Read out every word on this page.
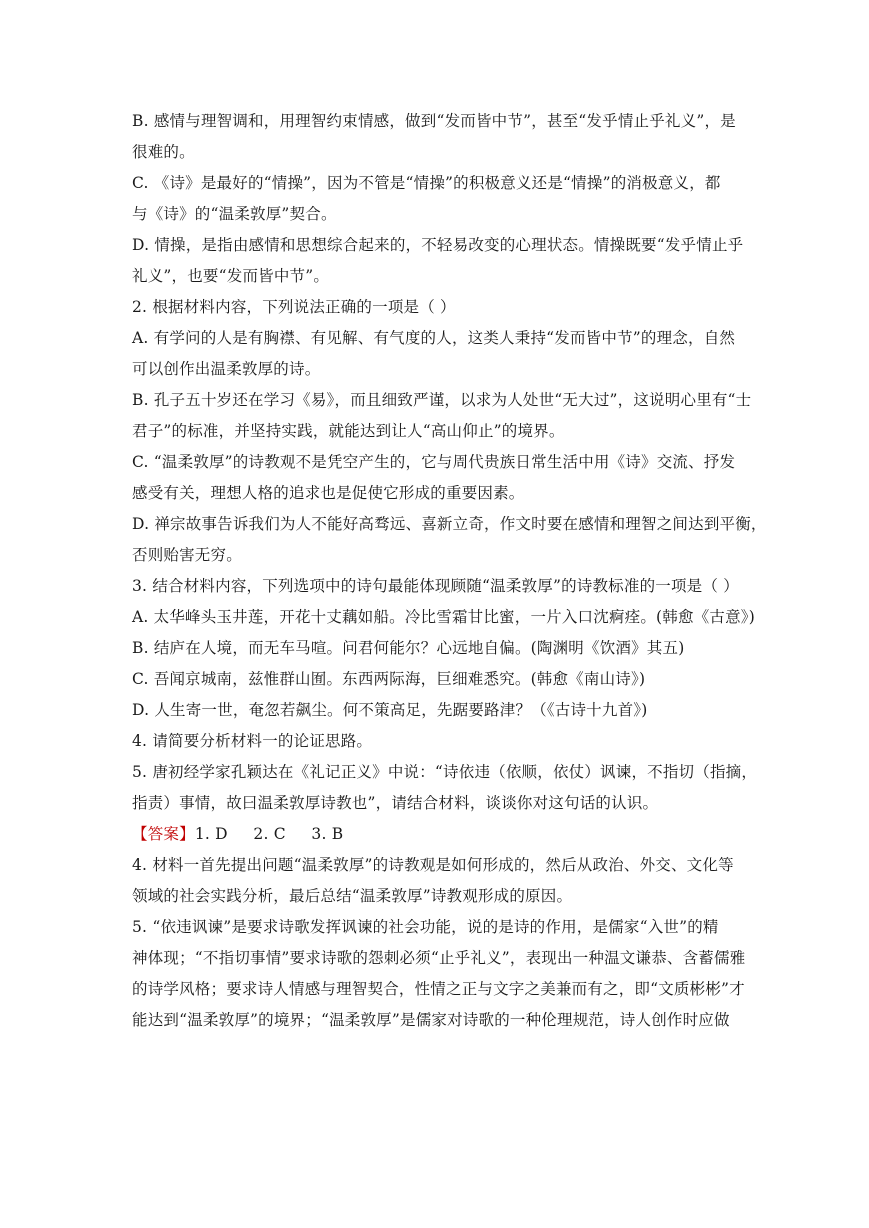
B. 感情与理智调和，用理智约束情感，做到“发而皆中节”，甚至“发乎情止乎礼义”，是
很难的。
C. 《诗》是最好的“情操”，因为不管是“情操”的积极意义还是“情操”的消极意义，都
与《诗》的“温柔敦厚”契合。
D. 情操，是指由感情和思想综合起来的，不轻易改变的心理状态。情操既要“发乎情止乎
礼义”，也要“发而皆中节”。
2. 根据材料内容，下列说法正确的一项是（ ）
A. 有学问的人是有胸襟、有见解、有气度的人，这类人秉持“发而皆中节”的理念，自然
可以创作出温柔敦厚的诗。
B. 孔子五十岁还在学习《易》，而且细致严谨，以求为人处世“无大过”，这说明心里有“士
君子”的标准，并坚持实践，就能达到让人“高山仰止”的境界。
C. “温柔敦厚”的诗教观不是凭空产生的，它与周代贵族日常生活中用《诗》交流、抒发
感受有关，理想人格的追求也是促使它形成的重要因素。
D. 禅宗故事告诉我们为人不能好高骛远、喜新立奇，作文时要在感情和理智之间达到平衡，
否则贻害无穷。
3. 结合材料内容，下列选项中的诗句最能体现顾随“温柔敦厚”的诗教标准的一项是（ ）
A. 太华峰头玉井莲，开花十丈藕如船。冷比雪霜甘比蜜，一片入口沈痾痊。(韩愈《古意》)
B. 结庐在人境，而无车马喧。问君何能尔？心远地自偏。(陶渊明《饮酒》其五)
C. 吾闻京城南，兹惟群山囿。东西两际海，巨细难悉究。(韩愈《南山诗》)
D. 人生寄一世，奄忽若飙尘。何不策高足，先踞要路津？（《古诗十九首》)
4. 请简要分析材料一的论证思路。
5. 唐初经学家孔颖达在《礼记正义》中说：“诗依违（依顺，依仗）讽谏，不指切（指摘，
指责）事情，故曰温柔敦厚诗教也”，请结合材料，谈谈你对这句话的认识。
【答案】1. D     2. C     3. B
4. 材料一首先提出问题“温柔敦厚”的诗教观是如何形成的，然后从政治、外交、文化等
领域的社会实践分析，最后总结“温柔敦厚”诗教观形成的原因。
5. “依违讽谏”是要求诗歌发挥讽谏的社会功能，说的是诗的作用，是儒家“入世”的精
神体现；“不指切事情”要求诗歌的怨刺必须“止乎礼义”，表现出一种温文谦恭、含蓄儒雅
的诗学风格；要求诗人情感与理智契合，性情之正与文字之美兼而有之，即“文质彬彬”才
能达到“温柔敦厚”的境界；“温柔敦厚”是儒家对诗歌的一种伦理规范，诗人创作时应做
